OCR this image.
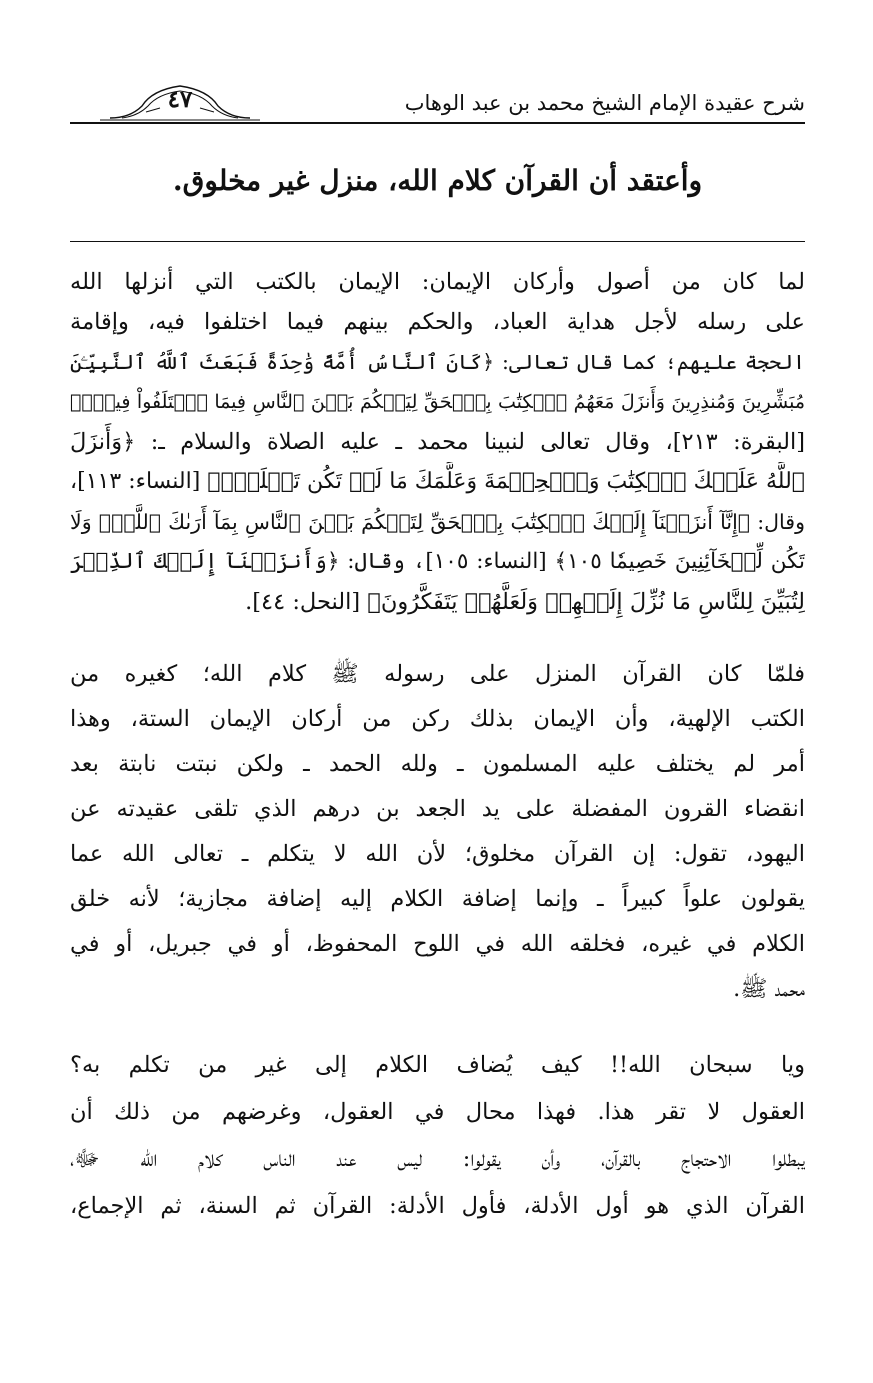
شرح عقيدة الإمام الشيخ محمد بن عبد الوهاب
٤٧
وأعتقد أن القرآن كلام الله، منزل غير مخلوق.
لما كان من أصول وأركان الإيمان: الإيمان بالكتب التي أنزلها الله
على رسله لأجل هداية العباد، والحكم بينهم فيما اختلفوا فيه، وإقامة
الحجة عليهم؛ كما قال تعالى: ﴿كَانَ ٱلنَّاسُ أُمَّةً وَٰحِدَةً فَبَعَثَ ٱللَّهُ ٱلنَّبِيِّـۧنَ
مُبَشِّرِينَ وَمُنذِرِينَ وَأَنزَلَ مَعَهُمُ ٱلۡكِتَٰبَ بِٱلۡحَقِّ لِيَحۡكُمَ بَيۡنَ ٱلنَّاسِ فِيمَا ٱخۡتَلَفُواْ فِيهِۚ﴾
[البقرة: ٢١٣]، وقال تعالى لنبينا محمد ـ عليه الصلاة والسلام ـ: ﴿وَأَنزَلَ
ٱللَّهُ عَلَيۡكَ ٱلۡكِتَٰبَ وَٱلۡحِكۡمَةَ وَعَلَّمَكَ مَا لَمۡ تَكُن تَعۡلَمُۚ﴾ [النساء: ١١٣]،
وقال: ﴿إِنَّآ أَنزَلۡنَآ إِلَيۡكَ ٱلۡكِتَٰبَ بِٱلۡحَقِّ لِتَحۡكُمَ بَيۡنَ ٱلنَّاسِ بِمَآ أَرَىٰكَ ٱللَّهُۚ وَلَا
تَكُن لِّلۡخَآئِنِينَ خَصِيمٗا ١٠٥﴾ [النساء: ١٠٥]، وقال: ﴿وَأَنزَلۡنَآ إِلَيۡكَ ٱلذِّكۡرَ
لِتُبَيِّنَ لِلنَّاسِ مَا نُزِّلَ إِلَيۡهِمۡ وَلَعَلَّهُمۡ يَتَفَكَّرُونَ﴾ [النحل: ٤٤].
فلمّا كان القرآن المنزل على رسوله ﷺ كلام الله؛ كغيره من
الكتب الإلهية، وأن الإيمان بذلك ركن من أركان الإيمان الستة، وهذا
أمر لم يختلف عليه المسلمون ـ ولله الحمد ـ ولكن نبتت نابتة بعد
انقضاء القرون المفضلة على يد الجعد بن درهم الذي تلقى عقيدته عن
اليهود، تقول: إن القرآن مخلوق؛ لأن الله لا يتكلم ـ تعالى الله عما
يقولون علواً كبيراً ـ وإنما إضافة الكلام إليه إضافة مجازية؛ لأنه خلق
الكلام في غيره، فخلقه الله في اللوح المحفوظ، أو في جبريل، أو في
محمد ﷺ.
ويا سبحان الله!! كيف يُضاف الكلام إلى غير من تكلم به؟
العقول لا تقر هذا. فهذا محال في العقول، وغرضهم من ذلك أن
يبطلوا الاحتجاج بالقرآن، وأن يقولوا: ليس عند الناس كلام الله ﷻ،
القرآن الذي هو أول الأدلة، فأول الأدلة: القرآن ثم السنة، ثم الإجماع،
